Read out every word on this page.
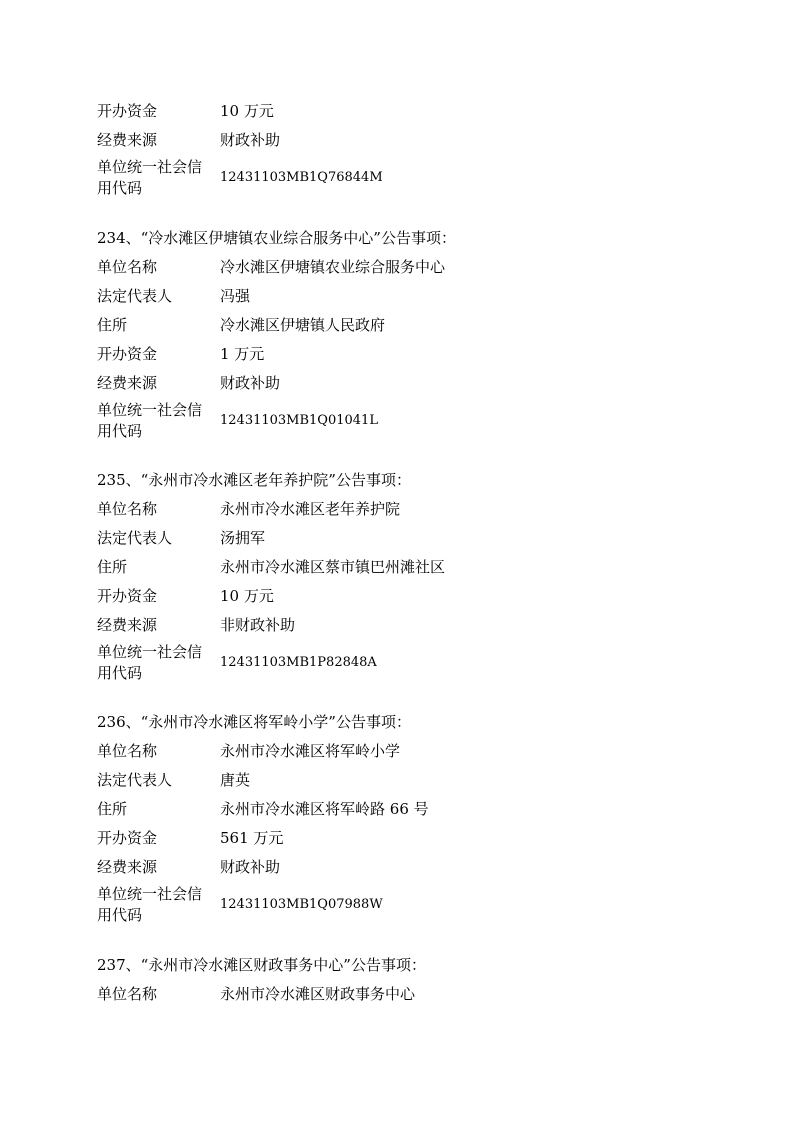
开办资金	10 万元
经费来源	财政补助
单位统一社会信
用代码
12431103MB1Q76844M
234、“冷水滩区伊塘镇农业综合服务中心”公告事项：
单位名称	冷水滩区伊塘镇农业综合服务中心
法定代表人	冯强
住所	冷水滩区伊塘镇人民政府
开办资金	1 万元
经费来源	财政补助
单位统一社会信
用代码
12431103MB1Q01041L
235、“永州市冷水滩区老年养护院”公告事项：
单位名称	永州市冷水滩区老年养护院
法定代表人	汤拥军
住所	永州市冷水滩区蔡市镇巴州滩社区
开办资金	10 万元
经费来源	非财政补助
单位统一社会信
用代码
12431103MB1P82848A
236、“永州市冷水滩区将军岭小学”公告事项：
单位名称	永州市冷水滩区将军岭小学
法定代表人	唐英
住所	永州市冷水滩区将军岭路 66 号
开办资金	561 万元
经费来源	财政补助
单位统一社会信
用代码
12431103MB1Q07988W
237、“永州市冷水滩区财政事务中心”公告事项：
单位名称	永州市冷水滩区财政事务中心
